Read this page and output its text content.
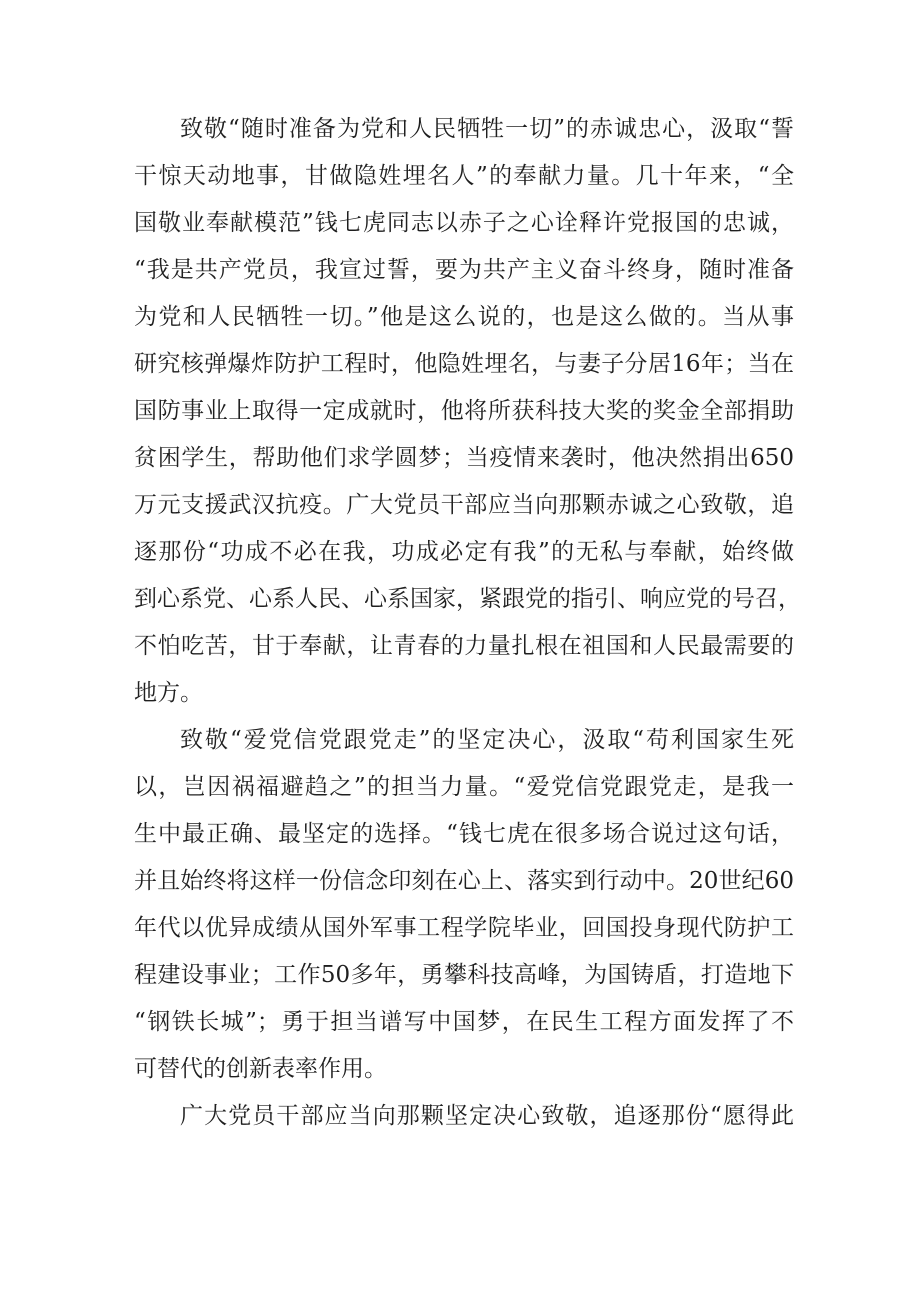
致敬“随时准备为党和人民牺牲一切”的赤诚忠心，汲取“誓
干惊天动地事，甘做隐姓埋名人”的奉献力量。几十年来，“全
国敬业奉献模范”钱七虎同志以赤子之心诠释许党报国的忠诚，
“我是共产党员，我宣过誓，要为共产主义奋斗终身，随时准备
为党和人民牺牲一切。”他是这么说的，也是这么做的。当从事
研究核弹爆炸防护工程时，他隐姓埋名，与妻子分居16年；当在
国防事业上取得一定成就时，他将所获科技大奖的奖金全部捐助
贫困学生，帮助他们求学圆梦；当疫情来袭时，他决然捐出650
万元支援武汉抗疫。广大党员干部应当向那颗赤诚之心致敬，追
逐那份“功成不必在我，功成必定有我”的无私与奉献，始终做
到心系党、心系人民、心系国家，紧跟党的指引、响应党的号召，
不怕吃苦，甘于奉献，让青春的力量扎根在祖国和人民最需要的
地方。
致敬“爱党信党跟党走”的坚定决心，汲取“苟利国家生死
以，岂因祸福避趋之”的担当力量。“爱党信党跟党走，是我一
生中最正确、最坚定的选择。“钱七虎在很多场合说过这句话，
并且始终将这样一份信念印刻在心上、落实到行动中。20世纪60
年代以优异成绩从国外军事工程学院毕业，回国投身现代防护工
程建设事业；工作50多年，勇攀科技高峰，为国铸盾，打造地下
“钢铁长城”；勇于担当谱写中国梦，在民生工程方面发挥了不
可替代的创新表率作用。
广大党员干部应当向那颗坚定决心致敬，追逐那份“愿得此
